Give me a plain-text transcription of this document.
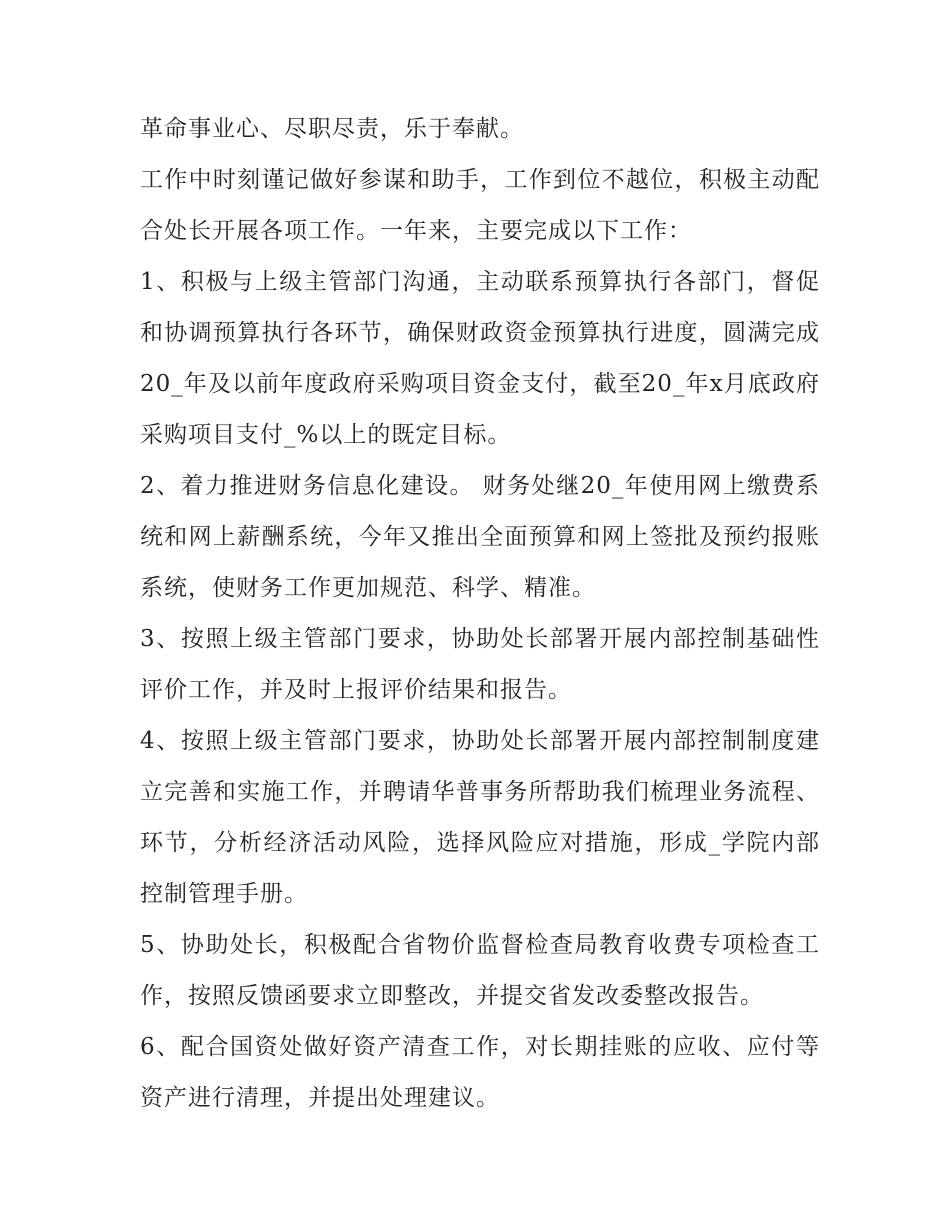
革命事业心、尽职尽责，乐于奉献。

工作中时刻谨记做好参谋和助手，工作到位不越位，积极主动配合处长开展各项工作。一年来，主要完成以下工作：

1、积极与上级主管部门沟通，主动联系预算执行各部门，督促和协调预算执行各环节，确保财政资金预算执行进度，圆满完成20_年及以前年度政府采购项目资金支付，截至20_年x月底政府采购项目支付_%以上的既定目标。

2、着力推进财务信息化建设。 财务处继20_年使用网上缴费系统和网上薪酬系统，今年又推出全面预算和网上签批及预约报账系统，使财务工作更加规范、科学、精准。

3、按照上级主管部门要求，协助处长部署开展内部控制基础性评价工作，并及时上报评价结果和报告。

4、按照上级主管部门要求，协助处长部署开展内部控制制度建立完善和实施工作，并聘请华普事务所帮助我们梳理业务流程、环节，分析经济活动风险，选择风险应对措施，形成_学院内部控制管理手册。

5、协助处长，积极配合省物价监督检查局教育收费专项检查工作，按照反馈函要求立即整改，并提交省发改委整改报告。

6、配合国资处做好资产清查工作，对长期挂账的应收、应付等资产进行清理，并提出处理建议。
